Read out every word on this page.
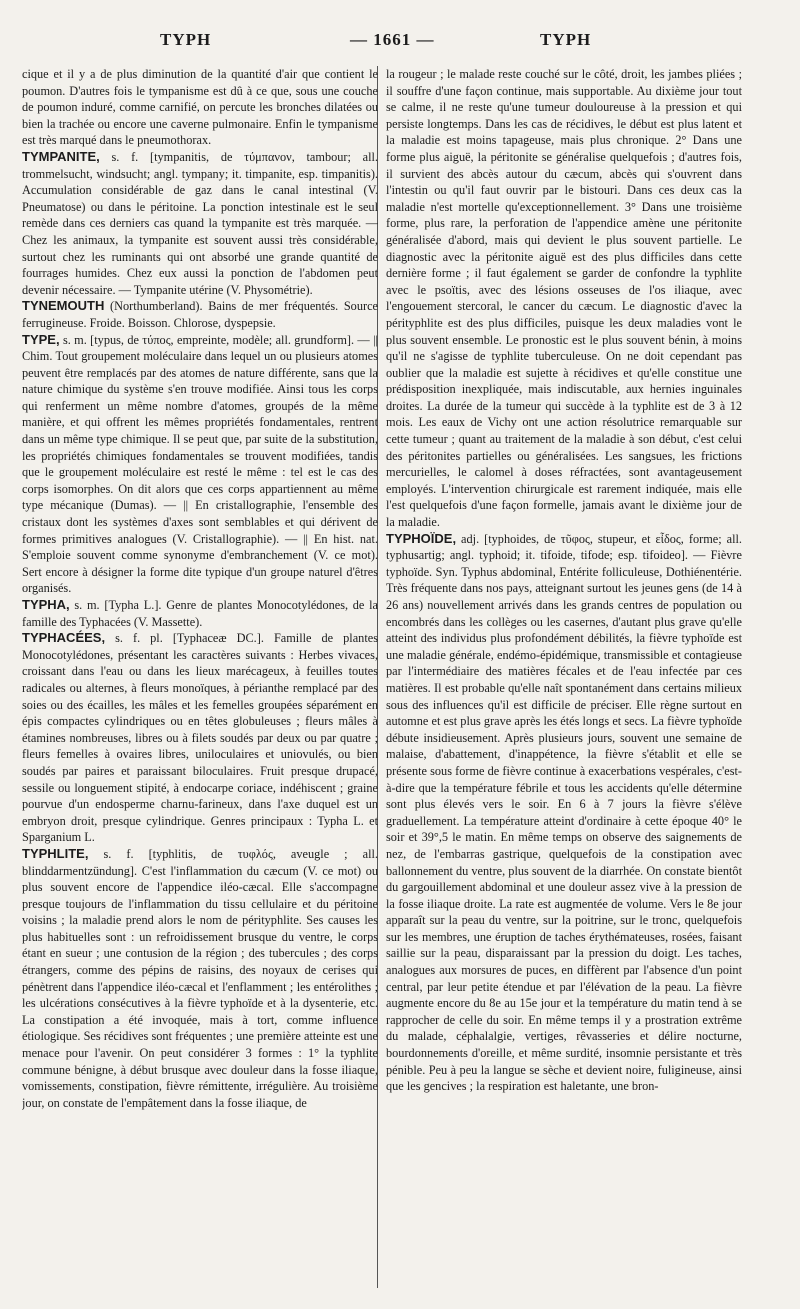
TYPH	— 1661 —	TYPH

cique et il y a de plus diminution de la quantité d'air que contient le poumon. D'autres fois le tympanisme est dû à ce que, sous une couche de poumon induré, comme carnifié, on percute les bronches dilatées ou bien la trachée ou encore une caverne pulmonaire. Enfin le tympanisme est très marqué dans le pneumothorax.

TYMPANITE, s. f. [tympanitis, de τύμπανον, tambour; all. trommelsucht, windsucht; angl. tympany; it. timpanite, esp. timpanitis). Accumulation considérable de gaz dans le canal intestinal (V. Pneumatose) ou dans le péritoine. La ponction intestinale est le seul remède dans ces derniers cas quand la tympanite est très marquée. — Chez les animaux, la tympanite est souvent aussi très considérable, surtout chez les ruminants qui ont absorbé une grande quantité de fourrages humides. Chez eux aussi la ponction de l'abdomen peut devenir nécessaire. — Tympanite utérine (V. Physométrie).

TYNEMOUTH (Northumberland). Bains de mer fréquentés. Source ferrugineuse. Froide. Boisson. Chlorose, dyspepsie.

TYPE, s. m. [typus, de τύπος, empreinte, modèle; all. grundform]. — || Chim. Tout groupement moléculaire dans lequel un ou plusieurs atomes peuvent être remplacés par des atomes de nature différente, sans que la nature chimique du système s'en trouve modifiée. Ainsi tous les corps qui renferment un même nombre d'atomes, groupés de la même manière, et qui offrent les mêmes propriétés fondamentales, rentrent dans un même type chimique. Il se peut que, par suite de la substitution, les propriétés chimiques fondamentales se trouvent modifiées, tandis que le groupement moléculaire est resté le même : tel est le cas des corps isomorphes. On dit alors que ces corps appartiennent au même type mécanique (Dumas). — || En cristallographie, l'ensemble des cristaux dont les systèmes d'axes sont semblables et qui dérivent de formes primitives analogues (V. Cristallographie). — || En hist. nat. S'emploie souvent comme synonyme d'embranchement (V. ce mot). Sert encore à désigner la forme dite typique d'un groupe naturel d'êtres organisés.

TYPHA, s. m. [Typha L.]. Genre de plantes Monocotylédones, de la famille des Typhacées (V. Massette).

TYPHACÉES, s. f. pl. [Typhaceæ DC.]. Famille de plantes Monocotylédones, présentant les caractères suivants : Herbes vivaces, croissant dans l'eau ou dans les lieux marécageux, à feuilles toutes radicales ou alternes, à fleurs monoïques, à périanthe remplacé par des soies ou des écailles, les mâles et les femelles groupées séparément en épis compactes cylindriques ou en têtes globuleuses ; fleurs mâles à étamines nombreuses, libres ou à filets soudés par deux ou par quatre ; fleurs femelles à ovaires libres, uniloculaires et uniovulés, ou bien soudés par paires et paraissant biloculaires. Fruit presque drupacé, sessile ou longuement stipité, à endocarpe coriace, indéhiscent ; graine pourvue d'un endosperme charnu-farineux, dans l'axe duquel est un embryon droit, presque cylindrique. Genres principaux : Typha L. et Sparganium L.

TYPHLITE, s. f. [typhlitis, de τυφλός, aveugle ; all. blinddarmentzündung]. C'est l'inflammation du cæcum (V. ce mot) ou plus souvent encore de l'appendice iléo-cæcal. Elle s'accompagne presque toujours de l'inflammation du tissu cellulaire et du péritoine voisins ; la maladie prend alors le nom de pérityphlite. Ses causes les plus habituelles sont : un refroidissement brusque du ventre, le corps étant en sueur ; une contusion de la région ; des tubercules ; des corps étrangers, comme des pépins de raisins, des noyaux de cerises qui pénètrent dans l'appendice iléo-cæcal et l'enflamment ; les entérolithes ; les ulcérations consécutives à la fièvre typhoïde et à la dysenterie, etc. La constipation a été invoquée, mais à tort, comme influence étiologique. Ses récidives sont fréquentes ; une première atteinte est une menace pour l'avenir. On peut considérer 3 formes : 1° la typhlite commune bénigne, à début brusque avec douleur dans la fosse iliaque, vomissements, constipation, fièvre rémittente, irrégulière. Au troisième jour, on constate de l'empâtement dans la fosse iliaque, de

la rougeur ; le malade reste couché sur le côté, droit, les jambes pliées ; il souffre d'une façon continue, mais supportable. Au dixième jour tout se calme, il ne reste qu'une tumeur douloureuse à la pression et qui persiste longtemps. Dans les cas de récidives, le début est plus latent et la maladie est moins tapageuse, mais plus chronique. 2° Dans une forme plus aiguë, la péritonite se généralise quelquefois ; d'autres fois, il survient des abcès autour du cæcum, abcès qui s'ouvrent dans l'intestin ou qu'il faut ouvrir par le bistouri. Dans ces deux cas la maladie n'est mortelle qu'exceptionnellement. 3° Dans une troisième forme, plus rare, la perforation de l'appendice amène une péritonite généralisée d'abord, mais qui devient le plus souvent partielle. Le diagnostic avec la péritonite aiguë est des plus difficiles dans cette dernière forme ; il faut également se garder de confondre la typhlite avec le psoïtis, avec des lésions osseuses de l'os iliaque, avec l'engouement stercoral, le cancer du cæcum. Le diagnostic d'avec la pérityphlite est des plus difficiles, puisque les deux maladies vont le plus souvent ensemble. Le pronostic est le plus souvent bénin, à moins qu'il ne s'agisse de typhlite tuberculeuse. On ne doit cependant pas oublier que la maladie est sujette à récidives et qu'elle constitue une prédisposition inexpliquée, mais indiscutable, aux hernies inguinales droites. La durée de la tumeur qui succède à la typhlite est de 3 à 12 mois. Les eaux de Vichy ont une action résolutrice remarquable sur cette tumeur ; quant au traitement de la maladie à son début, c'est celui des péritonites partielles ou généralisées. Les sangsues, les frictions mercurielles, le calomel à doses réfractées, sont avantageusement employés. L'intervention chirurgicale est rarement indiquée, mais elle l'est quelquefois d'une façon formelle, jamais avant le dixième jour de la maladie.

TYPHOÏDE, adj. [typhoides, de τῦφος, stupeur, et εἶδος, forme; all. typhusartig; angl. typhoid; it. tifoide, tifode; esp. tifoideo]. — Fièvre typhoïde. Syn. Typhus abdominal, Entérite folliculeuse, Dothiénentérie. Très fréquente dans nos pays, atteignant surtout les jeunes gens (de 14 à 26 ans) nouvellement arrivés dans les grands centres de population ou encombrés dans les collèges ou les casernes, d'autant plus grave qu'elle atteint des individus plus profondément débilités, la fièvre typhoïde est une maladie générale, endémo-épidémique, transmissible et contagieuse par l'intermédiaire des matières fécales et de l'eau infectée par ces matières. Il est probable qu'elle naît spontanément dans certains milieux sous des influences qu'il est difficile de préciser. Elle règne surtout en automne et est plus grave après les étés longs et secs. La fièvre typhoïde débute insidieusement. Après plusieurs jours, souvent une semaine de malaise, d'abattement, d'inappétence, la fièvre s'établit et elle se présente sous forme de fièvre continue à exacerbations vespérales, c'est-à-dire que la température fébrile et tous les accidents qu'elle détermine sont plus élevés vers le soir. En 6 à 7 jours la fièvre s'élève graduellement. La température atteint d'ordinaire à cette époque 40° le soir et 39°,5 le matin. En même temps on observe des saignements de nez, de l'embarras gastrique, quelquefois de la constipation avec ballonnement du ventre, plus souvent de la diarrhée. On constate bientôt du gargouillement abdominal et une douleur assez vive à la pression de la fosse iliaque droite. La rate est augmentée de volume. Vers le 8e jour apparaît sur la peau du ventre, sur la poitrine, sur le tronc, quelquefois sur les membres, une éruption de taches érythémateuses, rosées, faisant saillie sur la peau, disparaissant par la pression du doigt. Les taches, analogues aux morsures de puces, en diffèrent par l'absence d'un point central, par leur petite étendue et par l'élévation de la peau. La fièvre augmente encore du 8e au 15e jour et la température du matin tend à se rapprocher de celle du soir. En même temps il y a prostration extrême du malade, céphalalgie, vertiges, rêvasseries et délire nocturne, bourdonnements d'oreille, et même surdité, insomnie persistante et très pénible. Peu à peu la langue se sèche et devient noire, fuligineuse, ainsi que les gencives ; la respiration est haletante, une bron-
